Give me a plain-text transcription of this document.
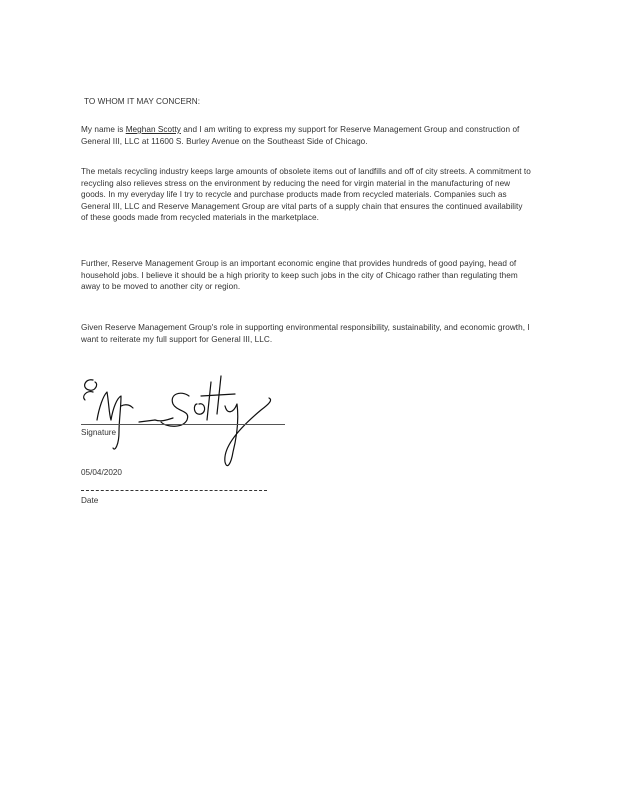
TO WHOM IT MAY CONCERN:
My name is Meghan Scotty and I am writing to express my support for Reserve Management Group and construction of General III, LLC at 11600 S. Burley Avenue on the Southeast Side of Chicago.
The metals recycling industry keeps large amounts of obsolete items out of landfills and off of city streets. A commitment to recycling also relieves stress on the environment by reducing the need for virgin material in the manufacturing of new goods. In my everyday life I try to recycle and purchase products made from recycled materials. Companies such as General III, LLC and Reserve Management Group are vital parts of a supply chain that ensures the continued availability of these goods made from recycled materials in the marketplace.
Further, Reserve Management Group is an important economic engine that provides hundreds of good paying, head of household jobs. I believe it should be a high priority to keep such jobs in the city of Chicago rather than regulating them away to be moved to another city or region.
Given Reserve Management Group's role in supporting environmental responsibility, sustainability, and economic growth, I want to reiterate my full support for General III, LLC.
Signature
05/04/2020
Date
